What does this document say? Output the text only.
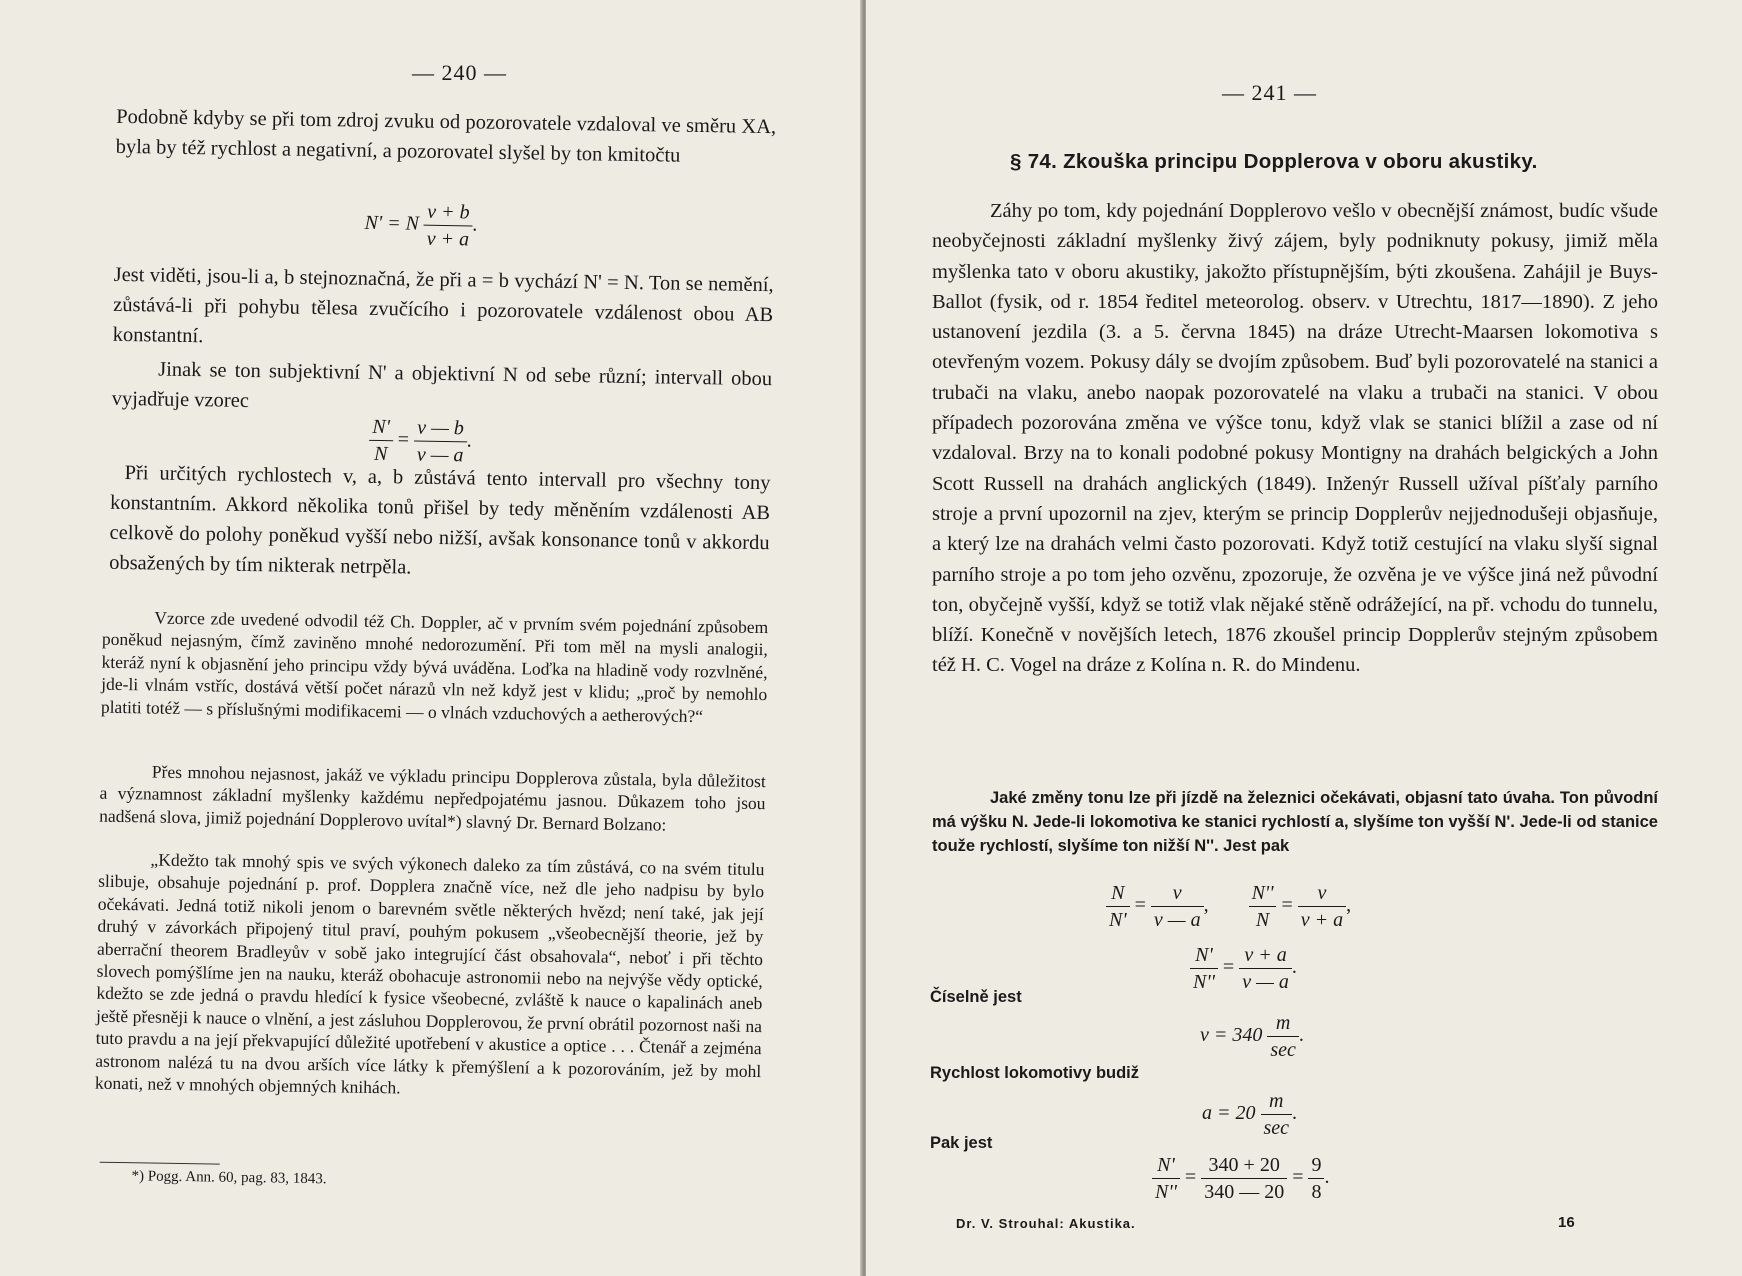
— 240 —

Podobně kdyby se při tom zdroj zvuku od pozorovatele vzdaloval ve směru XA, byla by též rychlost a negativní, a pozorovatel slyšel by ton kmitočtu

N' = N $\frac{v + b}{v + a}$ .

Jest viděti, jsou-li a, b stejnoznačná, že při a = b vychází N' = N. Ton se nemění, zůstává-li při pohybu tělesa zvučícího i pozorovatele vzdálenost obou AB konstantní.

Jinak se ton subjektivní N' a objektivní N od sebe různí; intervall obou vyjadřuje vzorec

$\frac{N'}{N} = \frac{v — b}{v — a}$ .

Při určitých rychlostech v, a, b zůstává tento intervall pro všechny tony konstantním. Akkord několika tonů přišel by tedy měněním vzdálenosti AB celkově do polohy poněkud vyšší nebo nižší, avšak konsonance tonů v akkordu obsažených by tím nikterak netrpěla.

Vzorce zde uvedené odvodil též Ch. Doppler, ač v prvním svém pojednání způsobem poněkud nejasným, čímž zaviněno mnohé nedorozumění. Při tom měl na mysli analogii, kteráž nyní k objasnění jeho principu vždy bývá uváděna. Loďka na hladině vody rozvlněné, jde-li vlnám vstříc, dostává větší počet nárazů vln než když jest v klidu; „proč by nemohlo platiti totéž — s příslušnými modifikacemi — o vlnách vzduchových a aetherových?“

Přes mnohou nejasnost, jakáž ve výkladu principu Dopplerova zůstala, byla důležitost a významnost základní myšlenky každému nepředpojatému jasnou. Důkazem toho jsou nadšená slova, jimiž pojednání Dopplerovo uvítal*) slavný Dr. Bernard Bolzano:

„Kdežto tak mnohý spis ve svých výkonech daleko za tím zůstává, co na svém titulu slibuje, obsahuje pojednání p. prof. Dopplera značně více, než dle jeho nadpisu by bylo očekávati. Jedná totiž nikoli jenom o barevném světle některých hvězd; není také, jak její druhý v závorkách připojený titul praví, pouhým pokusem „všeobecnější theorie, jež by aberrační theorem Bradleyův v sobě jako integrující část obsahovala“, neboť i při těchto slovech pomýšlíme jen na nauku, kteráž obohacuje astronomii nebo na nejvýše vědy optické, kdežto se zde jedná o pravdu hledící k fysice všeobecné, zvláště k nauce o kapalinách aneb ještě přesněji k nauce o vlnění, a jest zásluhou Dopplerovou, že první obrátil pozornost naši na tuto pravdu a na její překvapující důležité upotřebení v akustice a optice . . . Čtenář a zejména astronom nalézá tu na dvou arších více látky k přemýšlení a k pozorováním, jež by mohl konati, než v mnohých objemných knihách.

*) Pogg. Ann. 60, pag. 83, 1843.

— 241 —
§ 74. Zkouška principu Dopplerova v oboru akustiky.

Záhy po tom, kdy pojednání Dopplerovo vešlo v obecnější známost, budíc všude neobyčejnosti základní myšlenky živý zájem, byly podniknuty pokusy, jimiž měla myšlenka tato v oboru akustiky, jakožto přístupnějším, býti zkoušena. Zahájil je Buys-Ballot (fysik, od r. 1854 ředitel meteorolog. observ. v Utrechtu, 1817—1890). Z jeho ustanovení jezdila (3. a 5. června 1845) na dráze Utrecht-Maarsen lokomotiva s otevřeným vozem. Pokusy dály se dvojím způsobem. Buď byli pozorovatelé na stanici a trubači na vlaku, anebo naopak pozorovatelé na vlaku a trubači na stanici. V obou případech pozorována změna ve výšce tonu, když vlak se stanici blížil a zase od ní vzdaloval. Brzy na to konali podobné pokusy Montigny na drahách belgických a John Scott Russell na drahách anglických (1849). Inženýr Russell užíval píšťaly parního stroje a první upozornil na zjev, kterým se princip Dopplerův nejjednodušeji objasňuje, a který lze na drahách velmi často pozorovati. Když totiž cestující na vlaku slyší signal parního stroje a po tom jeho ozvěnu, zpozoruje, že ozvěna je ve výšce jiná než původní ton, obyčejně vyšší, když se totiž vlak nějaké stěně odrážející, na př. vchodu do tunnelu, blíží. Konečně v novějších letech, 1876 zkoušel princip Dopplerův stejným způsobem též H. C. Vogel na dráze z Kolína n. R. do Mindenu.

Jaké změny tonu lze při jízdě na železnici očekávati, objasní tato úvaha. Ton původní má výšku N. Jede-li lokomotiva ke stanici rychlostí a, slyšíme ton vyšší N'. Jede-li od stanice touže rychlostí, slyšíme ton nižší N''. Jest pak

$\frac{N}{N'} = \frac{v}{v — a}$ , $\frac{N''}{N} = \frac{v}{v + a}$ ,
$\frac{N'}{N''} = \frac{v + a}{v — a}$ .
Číselně jest
$v = 340 \frac{m}{\sec}$ .
Rychlost lokomotivy budiž
$a = 20 \frac{m}{\sec}$ .
Pak jest
$\frac{N'}{N''} = \frac{340 + 20}{340 — 20} = \frac{9}{8}$ .
Dr. V. Strouhal: Akustika.	16
